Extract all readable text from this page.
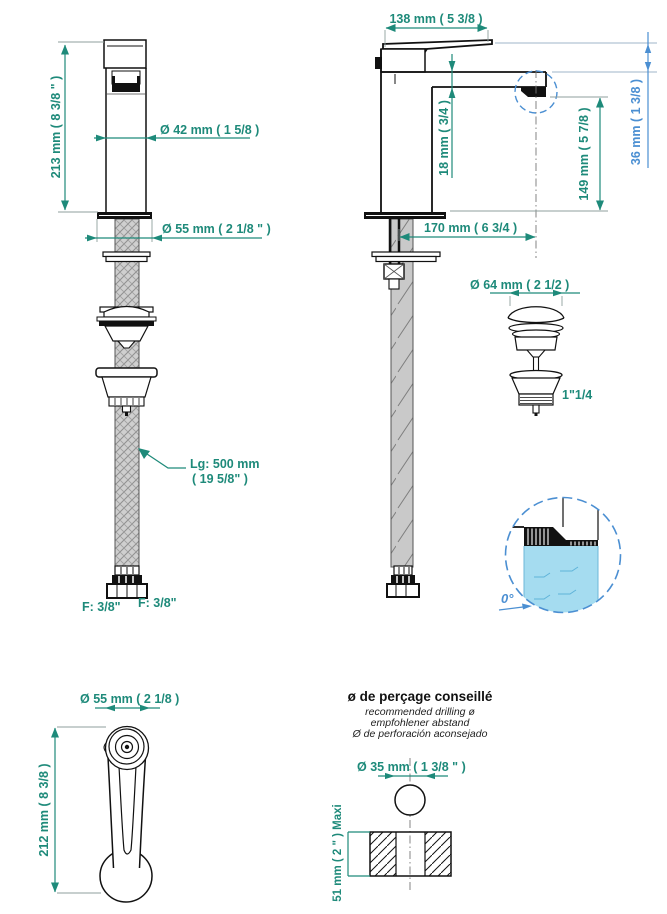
213 mm ( 8 3/8 " )	Ø 42 mm ( 1 5/8 )
Ø 55 mm ( 2 1/8 " )
Lg: 500 mm
( 19 5/8" )
F: 3/8" F: 3/8"
138 mm ( 5 3/8 )
18 mm ( 3/4 )	149 mm ( 5 7/8 )	36 mm ( 1 3/8 )
170 mm ( 6 3/4 )
Ø 64 mm ( 2 1/2 )
1"1/4
0°
Ø 55 mm ( 2 1/8 )
212 mm ( 8 3/8 )
ø de perçage conseillé
recommended drilling ø
empfohlener abstand
Ø de perforación aconsejado
Ø 35 mm ( 1 3/8 " )
51 mm ( 2 " ) Maxi
